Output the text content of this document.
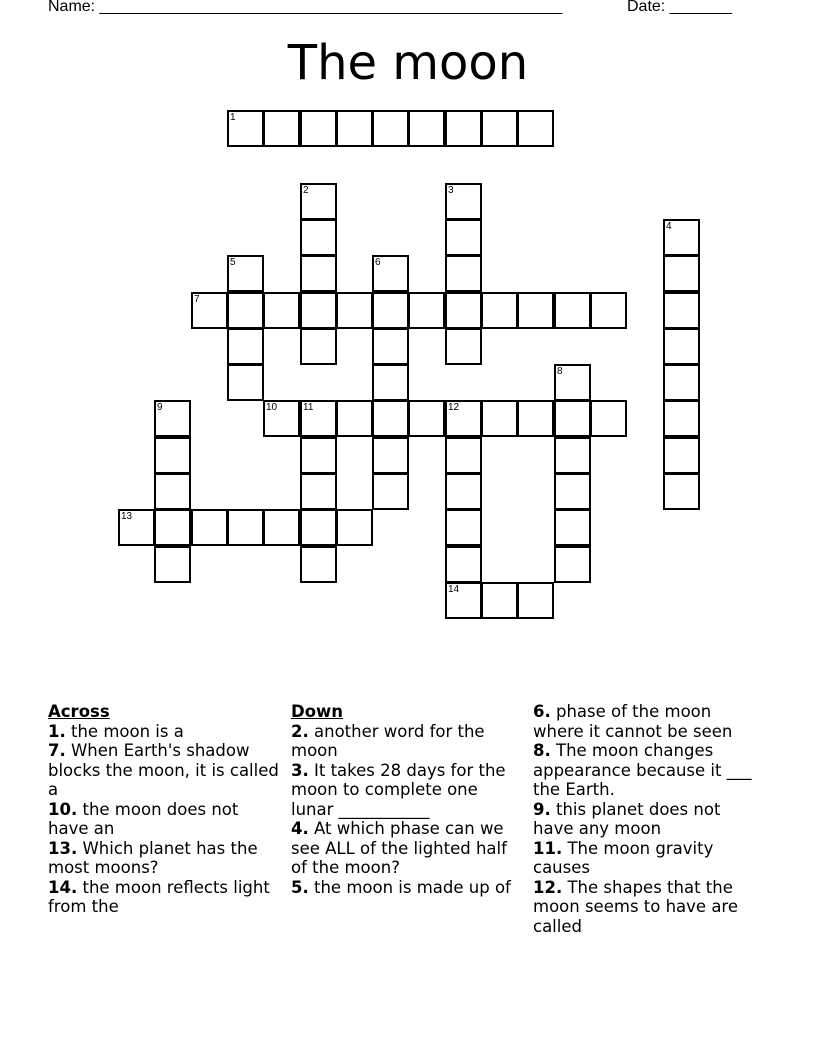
Name: ____________________________________________________	Date: _______
The moon
1
2	3
4
5	6
7
8
9	10	11	12
14
13
Across

1. the moon is a

7. When Earth's shadow blocks the moon, it is called a

10. the moon does not have an

13. Which planet has the most moons?

14. the moon reflects light from the

Down

2. another word for the moon

3. It takes 28 days for the moon to complete one lunar ___________

4. At which phase can we see ALL of the lighted half of the moon?

5. the moon is made up of

6. phase of the moon where it cannot be seen

8. The moon changes appearance because it ___ the Earth.

9. this planet does not have any moon

11. The moon gravity causes

12. The shapes that the moon seems to have are called
